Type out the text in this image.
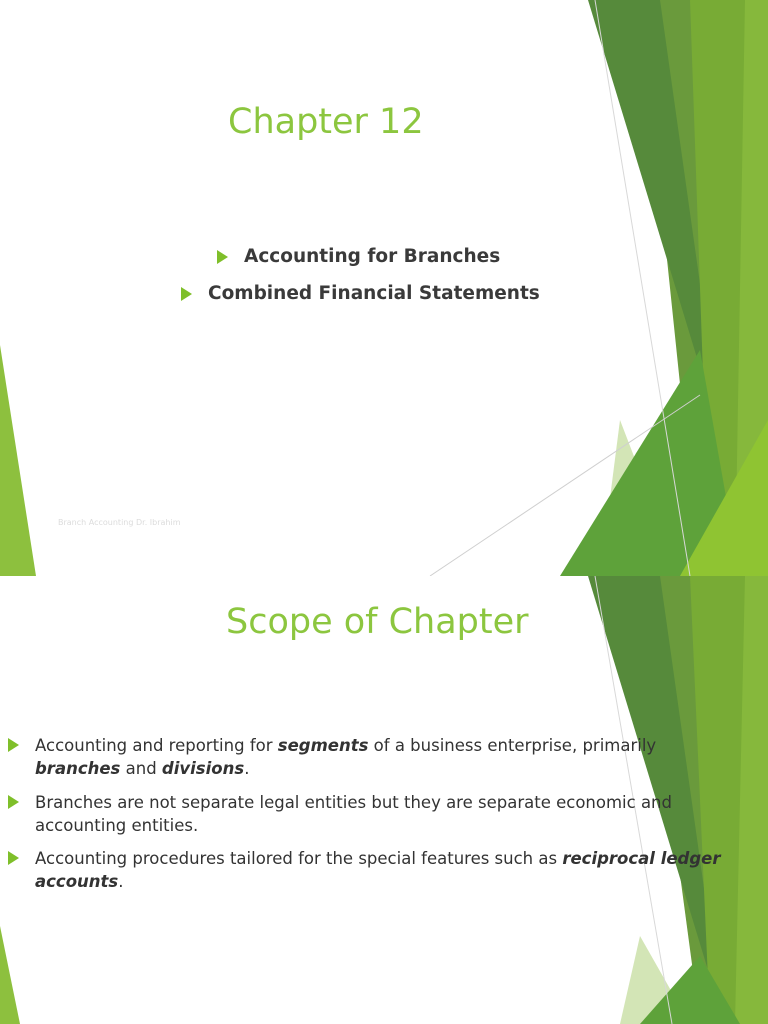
Chapter 12
Accounting for Branches
Combined Financial Statements
Branch Accounting Dr. Ibrahim
Scope of Chapter
Accounting and reporting for segments of a business enterprise, primarily branches and divisions.
Branches are not separate legal entities but they are separate economic and accounting entities.
Accounting procedures tailored for the special features such as reciprocal ledger accounts.
